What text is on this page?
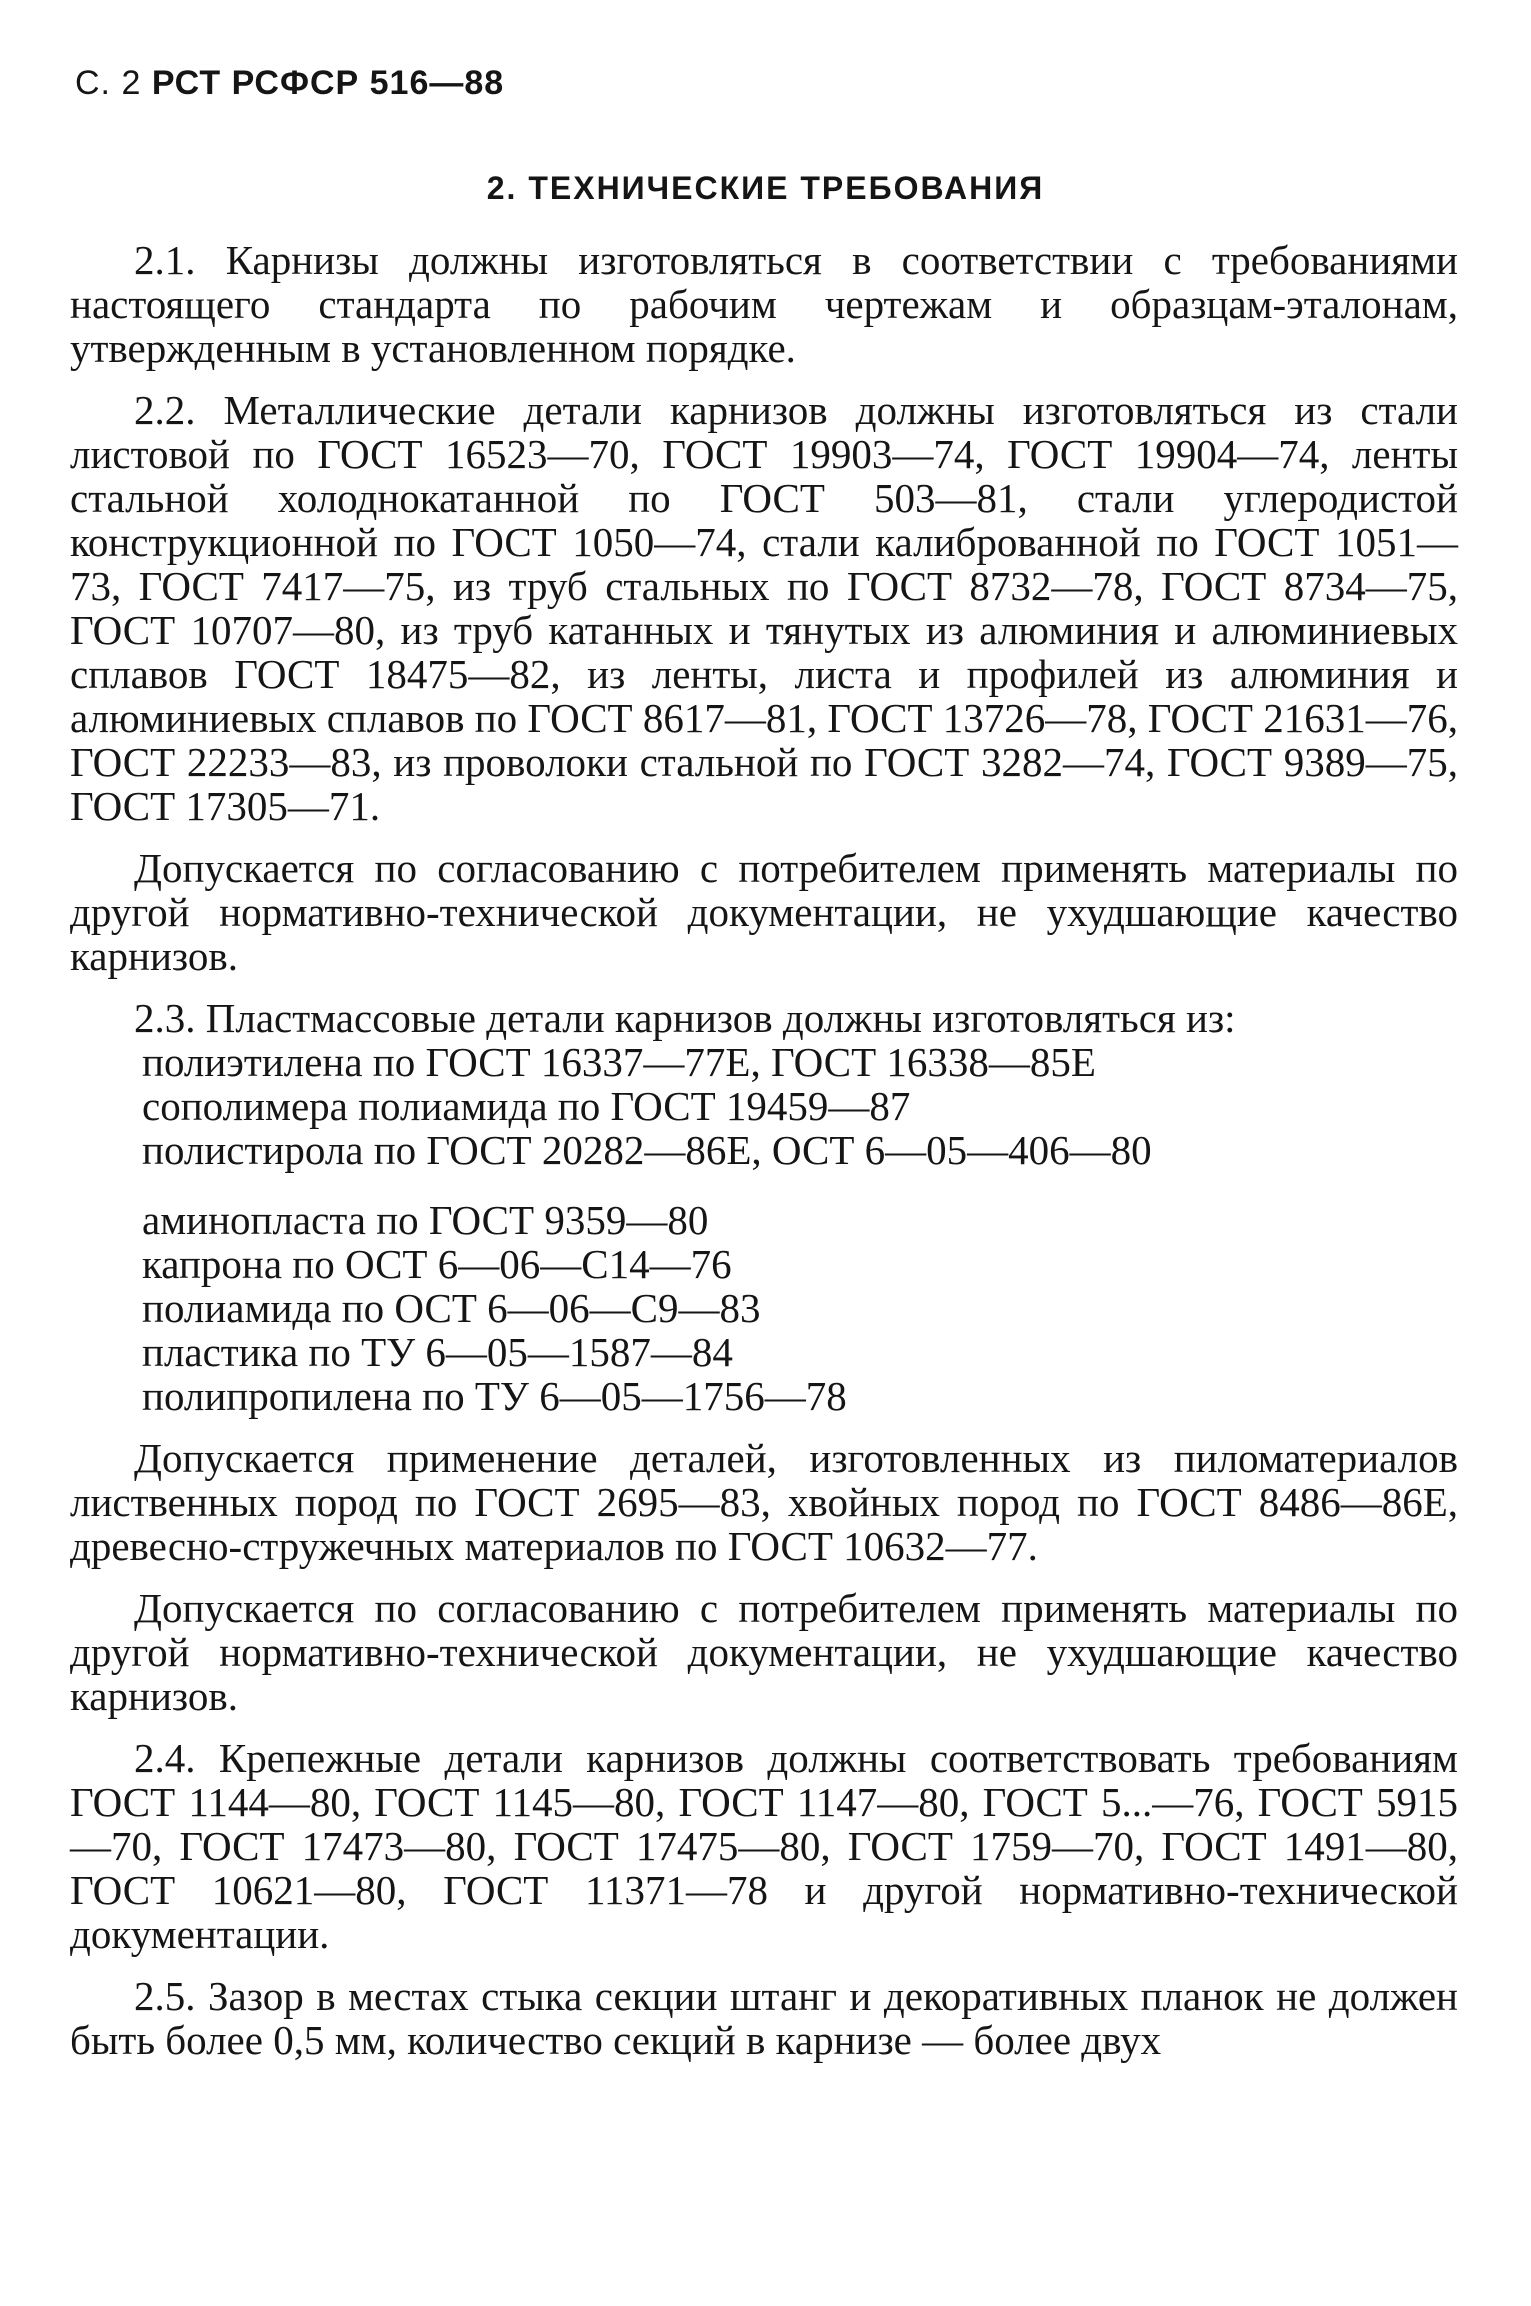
С. 2 РСТ РСФСР 516—88
2. ТЕХНИЧЕСКИЕ ТРЕБОВАНИЯ

2.1. Карнизы должны изготовляться в соответствии с требованиями настоящего стандарта по рабочим чертежам и образцам-эталонам, утвержденным в установленном порядке.

2.2. Металлические детали карнизов должны изготовляться из стали листовой по ГОСТ 16523—70, ГОСТ 19903—74, ГОСТ 19904—74, ленты стальной холоднокатанной по ГОСТ 503—81, стали углеродистой конструкционной по ГОСТ 1050—74, стали калиброванной по ГОСТ 1051—73, ГОСТ 7417—75, из труб стальных по ГОСТ 8732—78, ГОСТ 8734—75, ГОСТ 10707—80, из труб катанных и тянутых из алюминия и алюминиевых сплавов ГОСТ 18475—82, из ленты, листа и профилей из алюминия и алюминиевых сплавов по ГОСТ 8617—81, ГОСТ 13726—78, ГОСТ 21631—76, ГОСТ 22233—83, из проволоки стальной по ГОСТ 3282—74, ГОСТ 9389—75, ГОСТ 17305—71.

Допускается по согласованию с потребителем применять материалы по другой нормативно-технической документации, не ухудшающие качество карнизов.

2.3. Пластмассовые детали карнизов должны изготовляться из:

полиэтилена по ГОСТ 16337—77Е, ГОСТ 16338—85Е
сополимера полиамида по ГОСТ 19459—87
полистирола по ГОСТ 20282—86Е, ОСТ 6—05—406—80
аминопласта по ГОСТ 9359—80
капрона по ОСТ 6—06—С14—76
полиамида по ОСТ 6—06—С9—83
пластика по ТУ 6—05—1587—84
полипропилена по ТУ 6—05—1756—78

Допускается применение деталей, изготовленных из пиломатериалов лиственных пород по ГОСТ 2695—83, хвойных пород по ГОСТ 8486—86Е, древесно-стружечных материалов по ГОСТ 10632—77.

Допускается по согласованию с потребителем применять материалы по другой нормативно-технической документации, не ухудшающие качество карнизов.

2.4. Крепежные детали карнизов должны соответствовать требованиям ГОСТ 1144—80, ГОСТ 1145—80, ГОСТ 1147—80, ГОСТ 5...—76, ГОСТ 5915—70, ГОСТ 17473—80, ГОСТ 17475—80, ГОСТ 1759—70, ГОСТ 1491—80, ГОСТ 10621—80, ГОСТ 11371—78 и другой нормативно-технической документации.

2.5. Зазор в местах стыка секции штанг и декоративных планок не должен быть более 0,5 мм, количество секций в карнизе — более двух
